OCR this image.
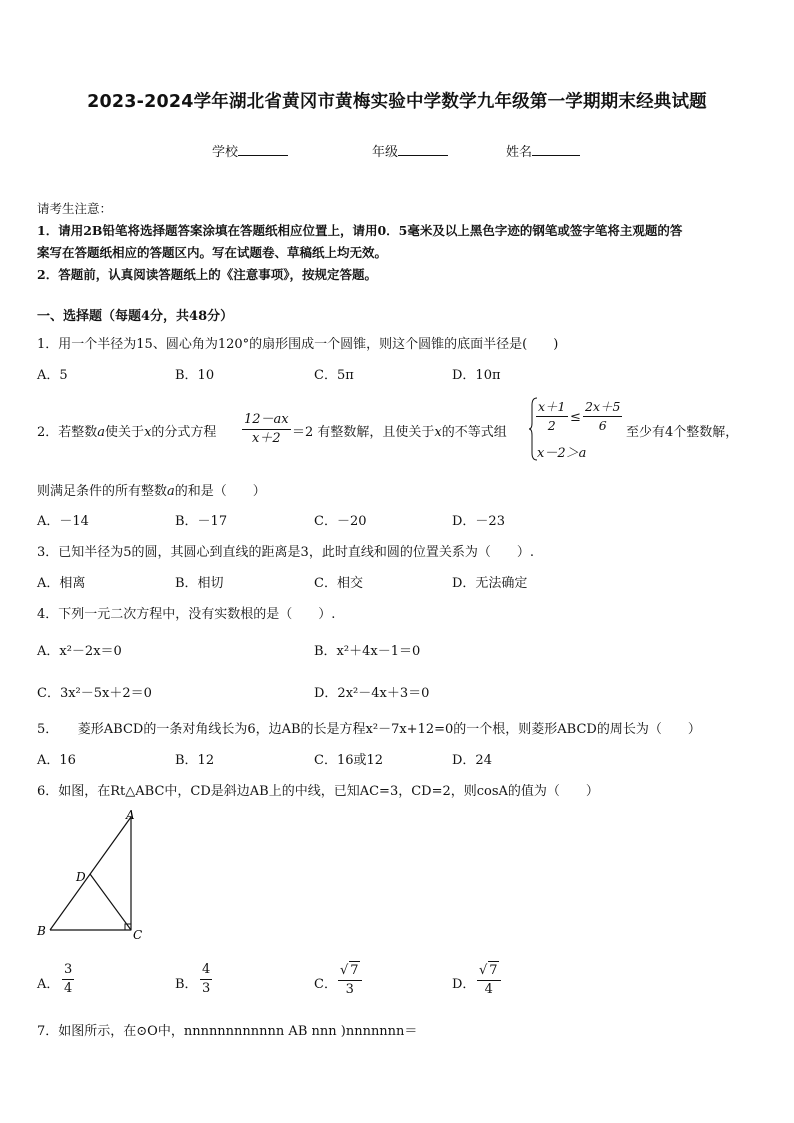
2023-2024学年湖北省黄冈市黄梅实验中学数学九年级第一学期期末经典试题
学校	年级	姓名
请考生注意：
1．请用2B铅笔将选择题答案涂填在答题纸相应位置上，请用0．5毫米及以上黑色字迹的钢笔或签字笔将主观题的答
案写在答题纸相应的答题区内。写在试题卷、草稿纸上均无效。
2．答题前，认真阅读答题纸上的《注意事项》，按规定答题。
一、选择题（每题4分，共48分）
1．用一个半径为15、圆心角为120°的扇形围成一个圆锥，则这个圆锥的底面半径是(　　)
A．5	B．10	C．5π	D．10π
2．若整数a使关于x的分式方程 $\frac{12-ax}{x+2} =2$ 有整数解，且使关于x的不等式组 $\frac{x+1}{2} \le \frac{2x+5}{6}$
x－2＞a
至少有4个整数解，
则满足条件的所有整数a的和是（　　）
A．－14	B．－17	C．－20	D．－23
3．已知半径为5的圆，其圆心到直线的距离是3，此时直线和圆的位置关系为（　　）.
A．相离	B．相切	C．相交	D．无法确定
4．下列一元二次方程中，没有实数根的是（　　）.
A．x²－2x＝0	B．x²＋4x－1＝0
C．3x²－5x＋2＝0	D．2x²－4x＋3＝0
5．　　菱形ABCD的一条对角线长为6，边AB的长是方程x²－7x+12=0的一个根，则菱形ABCD的周长为（　　）
A．16	B．12	C．16或12	D．24
6．如图，在Rt△ABC中，CD是斜边AB上的中线，已知AC=3，CD=2，则cosA的值为（　　）
A
D
B	C
A． $\frac{3}{4}$	B． $\frac{4}{3}$	C． $\frac{√ 7}{3}$	D． $\frac{√ 7}{4}$
7．如图所示，在⊙O中，nnnnnnnnnnnn AB nnn )nnnnnnn＝
